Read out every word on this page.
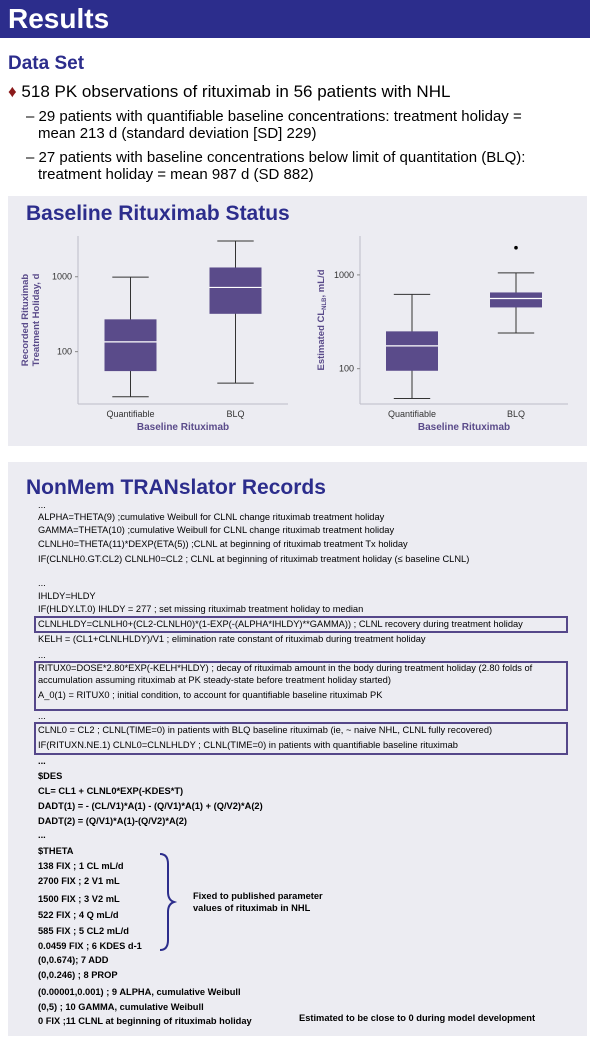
Results
Data Set
♦ 518 PK observations of rituximab in 56 patients with NHL
– 29 patients with quantifiable baseline concentrations: treatment holiday =
mean 213 d (standard deviation [SD] 229)
– 27 patients with baseline concentrations below limit of quantitation (BLQ):
treatment holiday = mean 987 d (SD 882)
Baseline Rituximab Status
100
1000
Quantifiable	BLQ
Baseline Rituximab
Recorded Rituximab Treatment Holiday, d
100
1000
Quantifiable	BLQ
Baseline Rituximab
Estimated $CL_{NLB}$, mL/d
NonMem TRANslator Records
...
ALPHA=THETA(9) ;cumulative Weibull for CLNL change rituximab treatment holiday
GAMMA=THETA(10) ;cumulative Weibull for CLNL change rituximab treatment holiday
CLNLH0=THETA(11)*DEXP(ETA(5)) ;CLNL at beginning of rituximab treatment Tx holiday
IF(CLNLH0.GT.CL2) CLNLH0=CL2 ; CLNL at beginning of rituximab treatment holiday (≤ baseline CLNL)
...
IHLDY=HLDY
IF(HLDY.LT.0) IHLDY = 277 ; set missing rituximab treatment holiday to median
CLNLHLDY=CLNLH0+(CL2-CLNLH0)*(1-EXP(-(ALPHA*IHLDY)**GAMMA)) ; CLNL recovery during treatment holiday
KELH = (CL1+CLNLHLDY)/V1 ; elimination rate constant of rituximab during treatment holiday
...
RITUX0=DOSE*2.80*EXP(-KELH*HLDY) ; decay of rituximab amount in the body during treatment holiday (2.80 folds of
accumulation assuming rituximab at PK steady-state before treatment holiday started)
A_0(1) = RITUX0 ; initial condition, to account for quantifiable baseline rituximab PK
...
CLNL0 = CL2 ; CLNL(TIME=0) in patients with BLQ baseline rituximab (ie, ~ naive NHL, CLNL fully recovered)
IF(RITUXN.NE.1) CLNL0=CLNLHLDY ; CLNL(TIME=0) in patients with quantifiable baseline rituximab
...
$DES
CL= CL1 + CLNL0*EXP(-KDES*T)
DADT(1) = - (CL/V1)*A(1) - (Q/V1)*A(1) + (Q/V2)*A(2)
DADT(2) = (Q/V1)*A(1)-(Q/V2)*A(2)
...
$THETA
138 FIX ; 1 CL mL/d
2700 FIX ; 2 V1 mL
1500 FIX ; 3 V2 mL
522 FIX ; 4 Q mL/d
585 FIX ; 5 CL2 mL/d
0.0459 FIX ; 6 KDES d-1
(0,0.674); 7 ADD
(0,0.246) ; 8 PROP
(0.00001,0.001) ; 9 ALPHA, cumulative Weibull
(0,5) ; 10 GAMMA, cumulative Weibull
0 FIX ;11 CLNL at beginning of rituximab holiday
Fixed to published parameter
values of rituximab in NHL
Estimated to be close to 0 during model development
